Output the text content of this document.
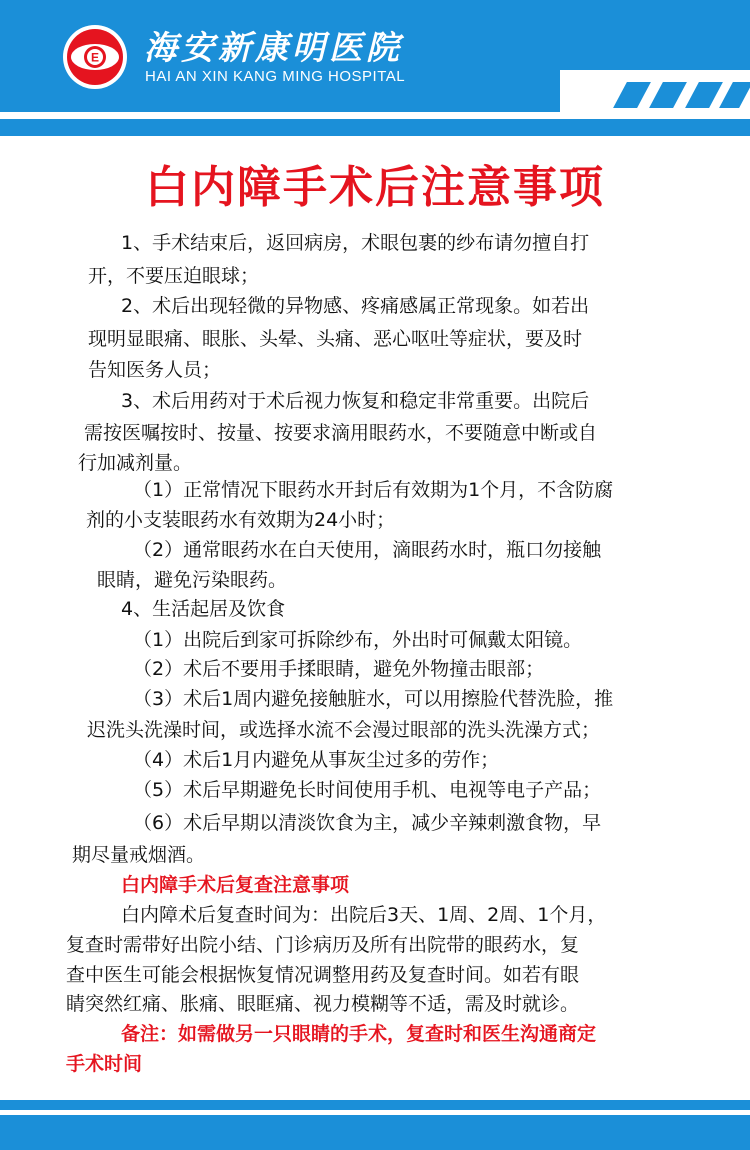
E 海安新康明医院
HAI AN XIN KANG MING HOSPITAL
白内障手术后注意事项
1、手术结束后，返回病房，术眼包裹的纱布请勿擅自打
开，不要压迫眼球；
2、术后出现轻微的异物感、疼痛感属正常现象。如若出
现明显眼痛、眼胀、头晕、头痛、恶心呕吐等症状，要及时
告知医务人员；
3、术后用药对于术后视力恢复和稳定非常重要。出院后
需按医嘱按时、按量、按要求滴用眼药水，不要随意中断或自
行加减剂量。
（1）正常情况下眼药水开封后有效期为1个月，不含防腐
剂的小支装眼药水有效期为24小时；
（2）通常眼药水在白天使用，滴眼药水时，瓶口勿接触
眼睛，避免污染眼药。
4、生活起居及饮食
（1）出院后到家可拆除纱布，外出时可佩戴太阳镜。
（2）术后不要用手揉眼睛，避免外物撞击眼部；
（3）术后1周内避免接触脏水，可以用擦脸代替洗脸，推
迟洗头洗澡时间，或选择水流不会漫过眼部的洗头洗澡方式；
（4）术后1月内避免从事灰尘过多的劳作；
（5）术后早期避免长时间使用手机、电视等电子产品；
（6）术后早期以清淡饮食为主，减少辛辣刺激食物，早
期尽量戒烟酒。
白内障手术后复查注意事项
白内障术后复查时间为：出院后3天、1周、2周、1个月，
复查时需带好出院小结、门诊病历及所有出院带的眼药水，复
查中医生可能会根据恢复情况调整用药及复查时间。如若有眼
睛突然红痛、胀痛、眼眶痛、视力模糊等不适，需及时就诊。
备注：如需做另一只眼睛的手术，复查时和医生沟通商定
手术时间
